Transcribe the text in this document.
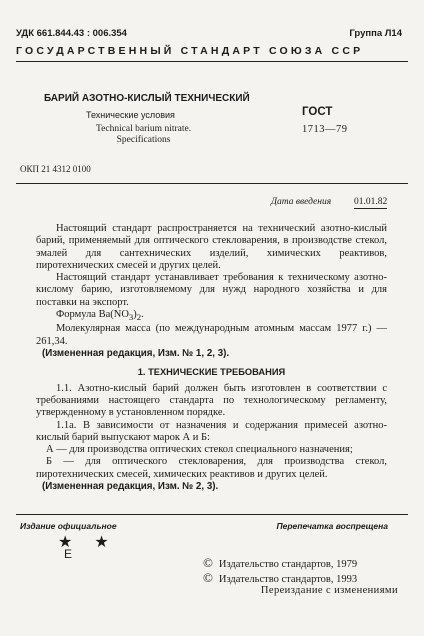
УДК 661.844.43 : 006.354	Группа Л14
ГОСУДАРСТВЕННЫЙ СТАНДАРТ СОЮЗА ССР
БАРИЙ АЗОТНО-КИСЛЫЙ ТЕХНИЧЕСКИЙ
Технические условия
Technical barium nitrate.
Specifications
ГОСТ
1713—79
ОКП 21 4312 0100
Дата введения 01.01.82

Настоящий стандарт распространяется на технический азотно-кислый барий, применяемый для оптического стекловарения, в производстве стекол, эмалей для сантехнических изделий, химических реактивов, пиротехнических смесей и других целей.

Настоящий стандарт устанавливает требования к техническому азотно-кислому барию, изготовляемому для нужд народного хозяйства и для поставки на экспорт.

Формула $Ba(NO_3)_2$.

Молекулярная масса (по международным атомным массам 1977 г.) — 261,34.

(Измененная редакция, Изм. № 1, 2, 3).

1. ТЕХНИЧЕСКИЕ ТРЕБОВАНИЯ

1.1. Азотно-кислый барий должен быть изготовлен в соответствии с требованиями настоящего стандарта по технологическому регламенту, утвержденному в установленном порядке.

1.1а. В зависимости от назначения и содержания примесей азотно-кислый барий выпускают марок А и Б:

А — для производства оптических стекол специального назначения;

Б — для оптического стекловарения, для производства стекол, пиротехнических смесей, химических реактивов и других целей.

(Измененная редакция, Изм. № 2, 3).

Издание официальное	Перепечатка воспрещена
★ ★
Е
© Издательство стандартов, 1979
© Издательство стандартов, 1993
Переиздание с изменениями
